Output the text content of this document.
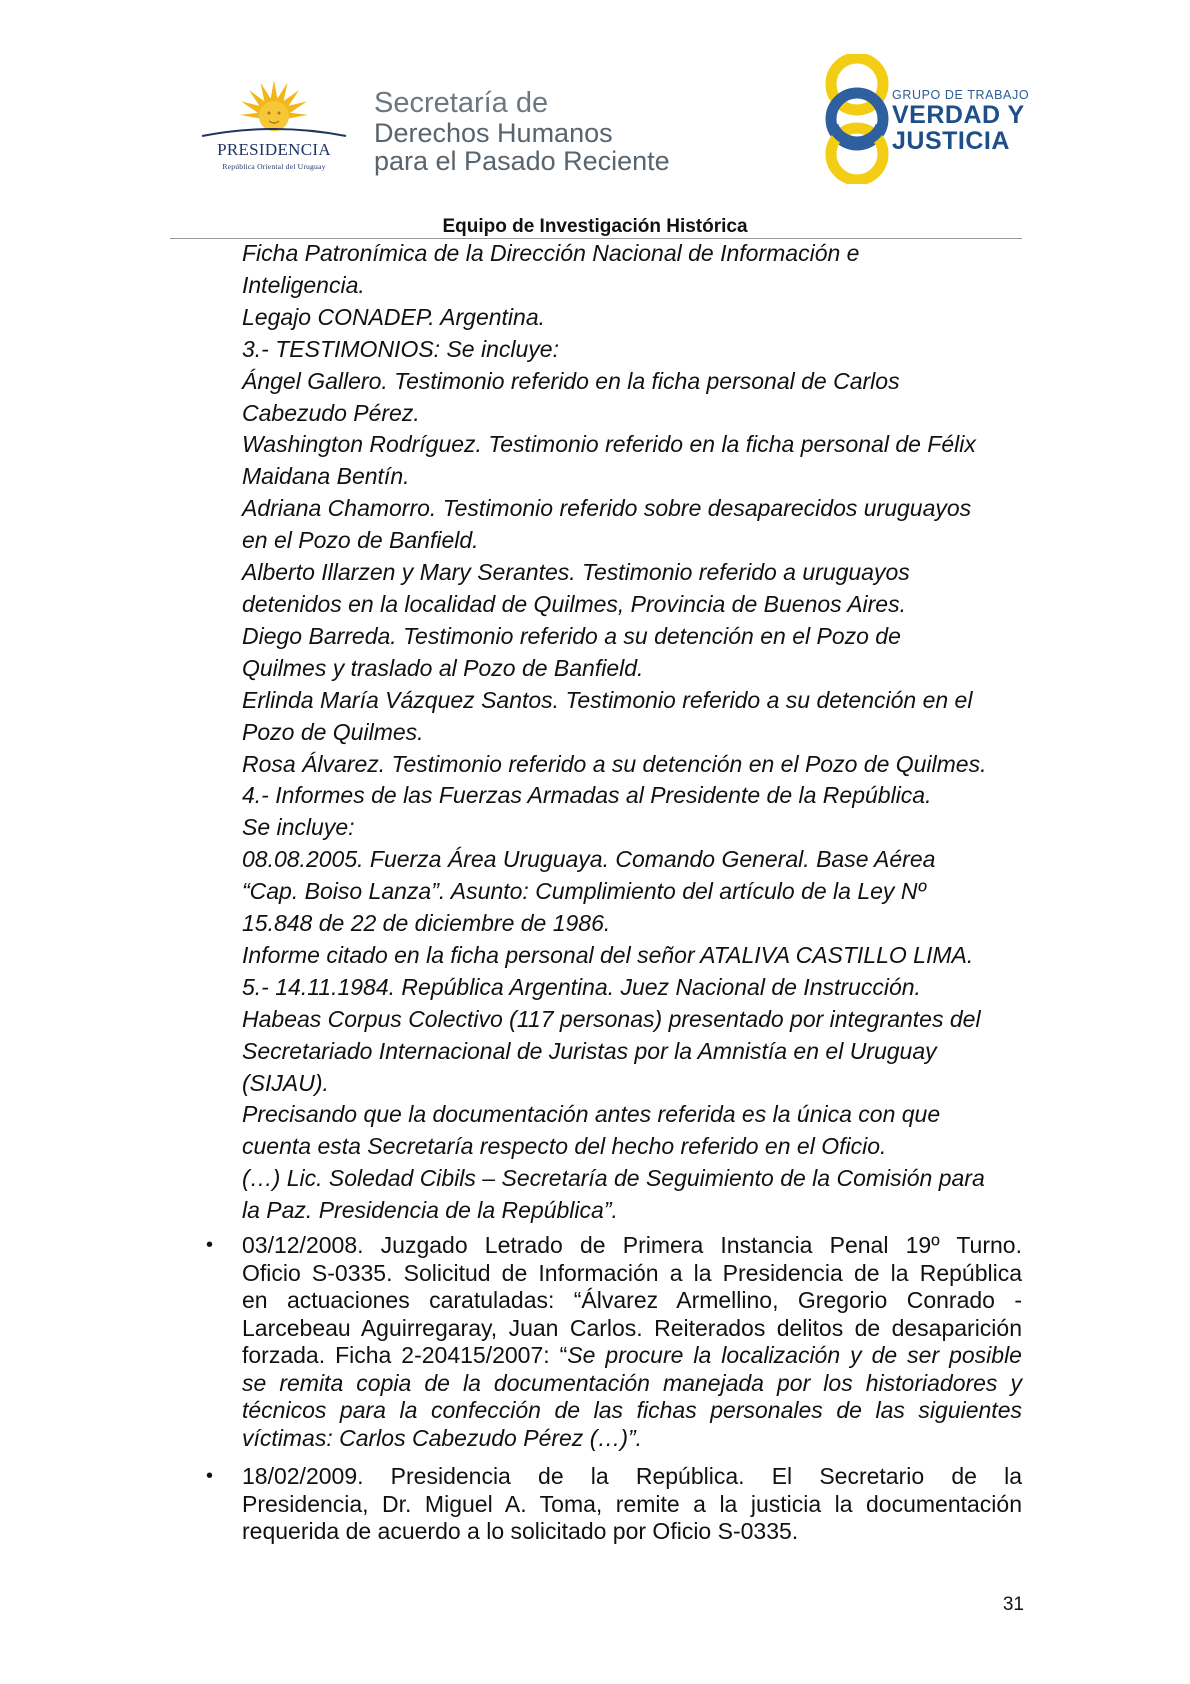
PRESIDENCIA
República Oriental del Uruguay
Secretaría de
Derechos Humanos
para el Pasado Reciente
GRUPO DE TRABAJO
VERDAD Y
JUSTICIA
Equipo de Investigación Histórica
Ficha Patronímica de la Dirección Nacional de Información e
Inteligencia.
Legajo CONADEP. Argentina.
3.- TESTIMONIOS: Se incluye:
Ángel Gallero. Testimonio referido en la ficha personal de Carlos
Cabezudo Pérez.
Washington Rodríguez. Testimonio referido en la ficha personal de Félix
Maidana Bentín.
Adriana Chamorro. Testimonio referido sobre desaparecidos uruguayos
en el Pozo de Banfield.
Alberto Illarzen y Mary Serantes. Testimonio referido a uruguayos
detenidos en la localidad de Quilmes, Provincia de Buenos Aires.
Diego Barreda. Testimonio referido a su detención en el Pozo de
Quilmes y traslado al Pozo de Banfield.
Erlinda María Vázquez Santos. Testimonio referido a su detención en el
Pozo de Quilmes.
Rosa Álvarez. Testimonio referido a su detención en el Pozo de Quilmes.
4.- Informes de las Fuerzas Armadas al Presidente de la República.
Se incluye:
08.08.2005. Fuerza Área Uruguaya. Comando General. Base Aérea
“Cap. Boiso Lanza”. Asunto: Cumplimiento del artículo de la Ley Nº
15.848 de 22 de diciembre de 1986.
Informe citado en la ficha personal del señor ATALIVA CASTILLO LIMA.
5.- 14.11.1984. República Argentina. Juez Nacional de Instrucción.
Habeas Corpus Colectivo (117 personas) presentado por integrantes del
Secretariado Internacional de Juristas por la Amnistía en el Uruguay
(SIJAU).
Precisando que la documentación antes referida es la única con que
cuenta esta Secretaría respecto del hecho referido en el Oficio.
(…) Lic. Soledad Cibils – Secretaría de Seguimiento de la Comisión para
la Paz. Presidencia de la República”.
• 03/12/2008. Juzgado Letrado de Primera Instancia Penal 19º Turno.
Oficio S-0335. Solicitud de Información a la Presidencia de la República
en actuaciones caratuladas: “Álvarez Armellino, Gregorio Conrado -
Larcebeau Aguirregaray, Juan Carlos. Reiterados delitos de desaparición
forzada. Ficha 2-20415/2007: “Se procure la localización y de ser posible
se remita copia de la documentación manejada por los historiadores y
técnicos para la confección de las fichas personales de las siguientes
víctimas: Carlos Cabezudo Pérez (…)”.
• 18/02/2009. Presidencia de la República. El Secretario de la
Presidencia, Dr. Miguel A. Toma, remite a la justicia la documentación
requerida de acuerdo a lo solicitado por Oficio S-0335.
31
